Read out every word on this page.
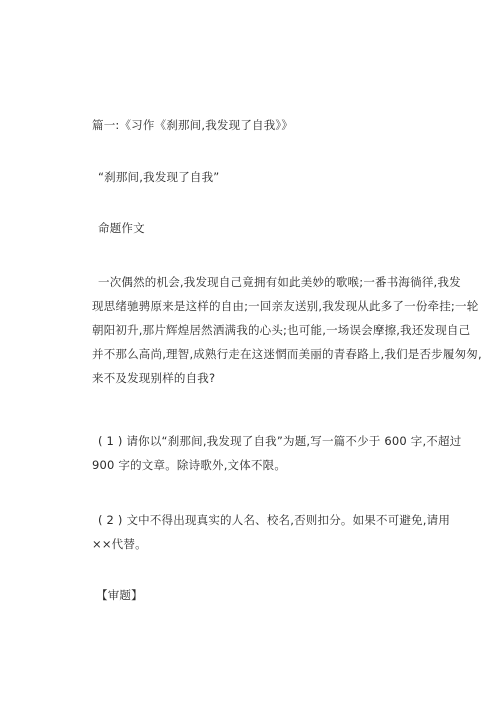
篇一:《习作《刹那间,我发现了自我》》
“刹那间,我发现了自我”
命题作文
一次偶然的机会,我发现自己竟拥有如此美妙的歌喉;一番书海徜徉,我发
现思绪驰骋原来是这样的自由;一回亲友送别,我发现从此多了一份牵挂;一轮
朝阳初升,那片辉煌居然洒满我的心头;也可能,一场误会摩擦,我还发现自己
并不那么高尚,理智,成熟行走在这迷惘而美丽的青春路上,我们是否步履匆匆,
来不及发现别样的自我?
( 1 ) 请你以“刹那间,我发现了自我”为题,写一篇不少于 600 字,不超过
900 字的文章。除诗歌外,文体不限。
( 2 ) 文中不得出现真实的人名、校名,否则扣分。如果不可避免,请用
××代替。
【审题】
